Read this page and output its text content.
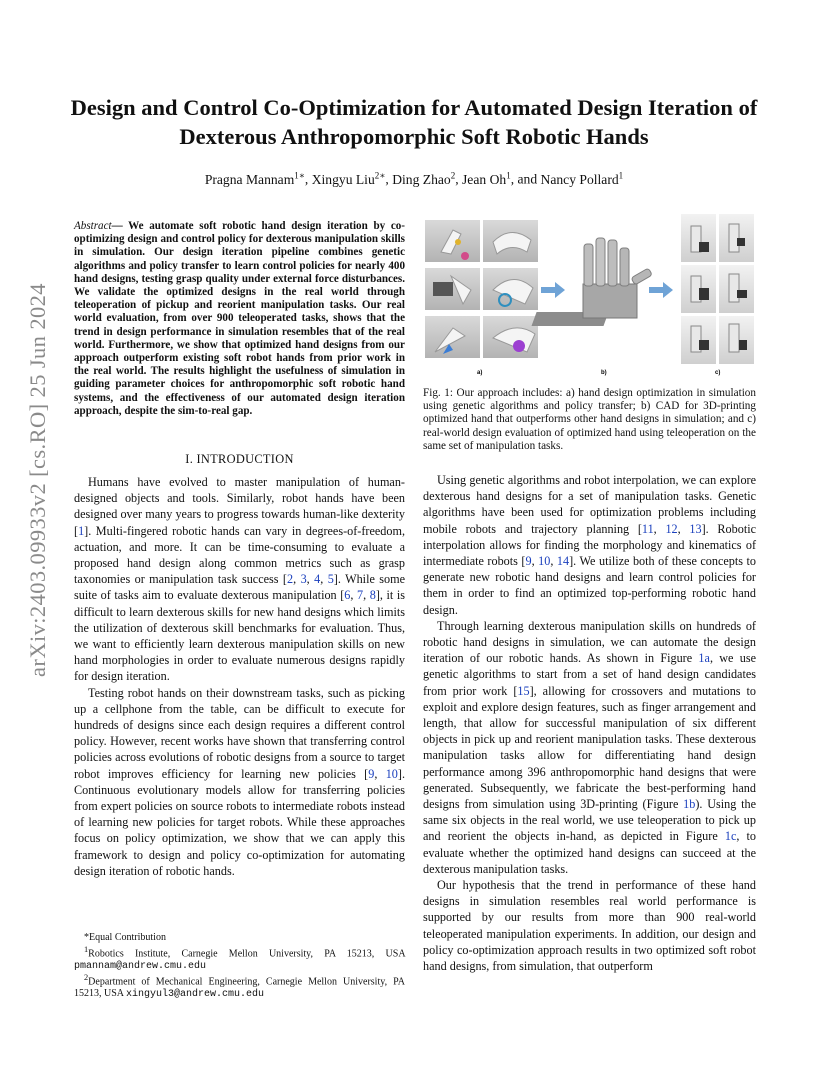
arXiv:2403.09933v2 [cs.RO] 25 Jun 2024
Design and Control Co-Optimization for Automated Design Iteration of
Dexterous Anthropomorphic Soft Robotic Hands
Pragna Mannam$^{1∗}$, Xingyu Liu$^{2∗}$, Ding Zhao$^2$, Jean Oh$^1$, and Nancy Pollard$^1$

Abstract— We automate soft robotic hand design iteration by co-optimizing design and control policy for dexterous manipulation skills in simulation. Our design iteration pipeline combines genetic algorithms and policy transfer to learn control policies for nearly 400 hand designs, testing grasp quality under external force disturbances. We validate the optimized designs in the real world through teleoperation of pickup and reorient manipulation tasks. Our real world evaluation, from over 900 teleoperated tasks, shows that the trend in design performance in simulation resembles that of the real world. Furthermore, we show that optimized hand designs from our approach outperform existing soft robot hands from prior work in the real world. The results highlight the usefulness of simulation in guiding parameter choices for anthropomorphic soft robotic hand systems, and the effectiveness of our automated design iteration approach, despite the sim-to-real gap.

a)	b)	c)

Fig. 1: Our approach includes: a) hand design optimization in simulation using genetic algorithms and policy transfer; b) CAD for 3D-printing optimized hand that outperforms other hand designs in simulation; and c) real-world design evaluation of optimized hand using teleoperation on the same set of manipulation tasks.

I. INTRODUCTION

Humans have evolved to master manipulation of human-designed objects and tools. Similarly, robot hands have been designed over many years to progress towards human-like dexterity [1]. Multi-fingered robotic hands can vary in degrees-of-freedom, actuation, and more. It can be time-consuming to evaluate a proposed hand design along common metrics such as grasp taxonomies or manipulation task success [2, 3, 4, 5]. While some suite of tasks aim to evaluate dexterous manipulation [6, 7, 8], it is difficult to learn dexterous skills for new hand designs which limits the utilization of dexterous skill benchmarks for evaluation. Thus, we want to efficiently learn dexterous manipulation skills on new hand morphologies in order to evaluate numerous designs rapidly for design iteration.

Testing robot hands on their downstream tasks, such as picking up a cellphone from the table, can be difficult to execute for hundreds of designs since each design requires a different control policy. However, recent works have shown that transferring control policies across evolutions of robotic designs from a source to target robot improves efficiency for learning new policies [9, 10]. Continuous evolutionary models allow for transferring policies from expert policies on source robots to intermediate robots instead of learning new policies for target robots. While these approaches focus on policy optimization, we show that we can apply this framework to design and policy co-optimization for automating design iteration of robotic hands.

Using genetic algorithms and robot interpolation, we can explore dexterous hand designs for a set of manipulation tasks. Genetic algorithms have been used for optimization problems including mobile robots and trajectory planning [11, 12, 13]. Robotic interpolation allows for finding the morphology and kinematics of intermediate robots [9, 10, 14]. We utilize both of these concepts to generate new robotic hand designs and learn control policies for them in order to find an optimized top-performing robotic hand design.

Through learning dexterous manipulation skills on hundreds of robotic hand designs in simulation, we can automate the design iteration of our robotic hands. As shown in Figure 1a, we use genetic algorithms to start from a set of hand design candidates from prior work [15], allowing for crossovers and mutations to exploit and explore design features, such as finger arrangement and length, that allow for successful manipulation of six different objects in pick up and reorient manipulation tasks. These dexterous manipulation tasks allow for differentiating hand design performance among 396 anthropomorphic hand designs that were generated. Subsequently, we fabricate the best-performing hand designs from simulation using 3D-printing (Figure 1b). Using the same six objects in the real world, we use teleoperation to pick up and reorient the objects in-hand, as depicted in Figure 1c, to evaluate whether the optimized hand designs can succeed at the dexterous manipulation tasks.

Our hypothesis that the trend in performance of these hand designs in simulation resembles real world performance is supported by our results from more than 900 real-world teleoperated manipulation experiments. In addition, our design and policy co-optimization approach results in two optimized soft robot hand designs, from simulation, that outperform

*Equal Contribution

$^1$Robotics Institute, Carnegie Mellon University, PA 15213, USA pmannam@andrew.cmu.edu

$^2$Department of Mechanical Engineering, Carnegie Mellon University, PA 15213, USA xingyul3@andrew.cmu.edu
